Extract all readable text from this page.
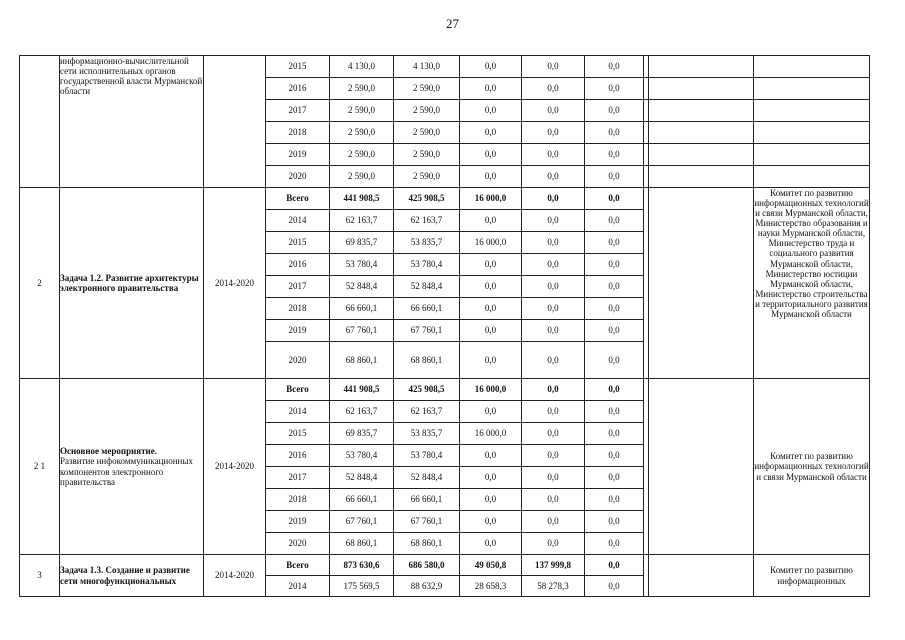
27
	информационно-вычислительной сети исполнительных органов государственной власти Мурманской области		2015	4 130,0	4 130,0	0,0	0,0	0,0			
			2016	2 590,0	2 590,0	0,0	0,0	0,0			
			2017	2 590,0	2 590,0	0,0	0,0	0,0			
			2018	2 590,0	2 590,0	0,0	0,0	0,0			
			2019	2 590,0	2 590,0	0,0	0,0	0,0			
			2020	2 590,0	2 590,0	0,0	0,0	0,0			
2	Задача 1.2. Развитие архитектуры электронного правительства	2014-2020	Всего	441 908,5	425 908,5	16 000,0	0,0	0,0			Комитет по развитию информационных технологий и связи Мурманской области, Министерство образования и науки Мурманской области, Министерство труда и социального развития Мурманской области, Министерство юстиции Мурманской области, Министерство строительства и территориального развития Мурманской области
			2014	62 163,7	62 163,7	0,0	0,0	0,0			
			2015	69 835,7	53 835,7	16 000,0	0,0	0,0			
			2016	53 780,4	53 780,4	0,0	0,0	0,0			
			2017	52 848,4	52 848,4	0,0	0,0	0,0			
			2018	66 660,1	66 660,1	0,0	0,0	0,0			
			2019	67 760,1	67 760,1	0,0	0,0	0,0			
			2020	68 860,1	68 860,1	0,0	0,0	0,0			
2 1	Основное мероприятие.
Развитие инфокоммуникационных компонентов электронного правительства	2014-2020	Всего	441 908,5	425 908,5	16 000,0	0,0	0,0			Комитет по развитию информационных технологий и связи Мурманской области
			2014	62 163,7	62 163,7	0,0	0,0	0,0			
			2015	69 835,7	53 835,7	16 000,0	0,0	0,0			
			2016	53 780,4	53 780,4	0,0	0,0	0,0			
			2017	52 848,4	52 848,4	0,0	0,0	0,0			
			2018	66 660,1	66 660,1	0,0	0,0	0,0			
			2019	67 760,1	67 760,1	0,0	0,0	0,0			
			2020	68 860,1	68 860,1	0,0	0,0	0,0			
3	Задача 1.3. Создание и развитие сети многофункциональных	2014-2020	Всего	873 630,6	686 580,0	49 050,8	137 999,8	0,0			Комитет по развитию информационных
			2014	175 569,5	88 632,9	28 658,3	58 278,3	0,0			
